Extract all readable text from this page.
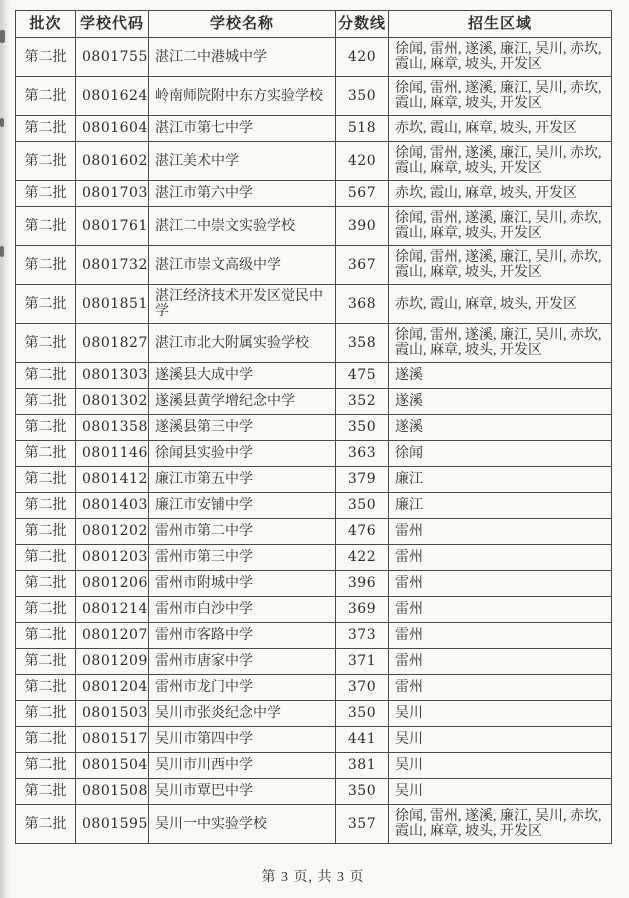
批次	学校代码	学校名称	分数线	招生区域
第二批	0801755	湛江二中港城中学	420	徐闻, 雷州, 遂溪, 廉江, 吴川, 赤坎, 霞山, 麻章, 坡头, 开发区
第二批	0801624	岭南师院附中东方实验学校	350	徐闻, 雷州, 遂溪, 廉江, 吴川, 赤坎, 霞山, 麻章, 坡头, 开发区
第二批	0801604	湛江市第七中学	518	赤坎, 霞山, 麻章, 坡头, 开发区
第二批	0801602	湛江美术中学	420	徐闻, 雷州, 遂溪, 廉江, 吴川, 赤坎, 霞山, 麻章, 坡头, 开发区
第二批	0801703	湛江市第六中学	567	赤坎, 霞山, 麻章, 坡头, 开发区
第二批	0801761	湛江二中崇文实验学校	390	徐闻, 雷州, 遂溪, 廉江, 吴川, 赤坎, 霞山, 麻章, 坡头, 开发区
第二批	0801732	湛江市崇文高级中学	367	徐闻, 雷州, 遂溪, 廉江, 吴川, 赤坎, 霞山, 麻章, 坡头, 开发区
第二批	0801851	湛江经济技术开发区觉民中学	368	赤坎, 霞山, 麻章, 坡头, 开发区
第二批	0801827	湛江市北大附属实验学校	358	徐闻, 雷州, 遂溪, 廉江, 吴川, 赤坎, 霞山, 麻章, 坡头, 开发区
第二批	0801303	遂溪县大成中学	475	遂溪
第二批	0801302	遂溪县黄学增纪念中学	352	遂溪
第二批	0801358	遂溪县第三中学	350	遂溪
第二批	0801146	徐闻县实验中学	363	徐闻
第二批	0801412	廉江市第五中学	379	廉江
第二批	0801403	廉江市安铺中学	350	廉江
第二批	0801202	雷州市第二中学	476	雷州
第二批	0801203	雷州市第三中学	422	雷州
第二批	0801206	雷州市附城中学	396	雷州
第二批	0801214	雷州市白沙中学	369	雷州
第二批	0801207	雷州市客路中学	373	雷州
第二批	0801209	雷州市唐家中学	371	雷州
第二批	0801204	雷州市龙门中学	370	雷州
第二批	0801503	吴川市张炎纪念中学	350	吴川
第二批	0801517	吴川市第四中学	441	吴川
第二批	0801504	吴川市川西中学	381	吴川
第二批	0801508	吴川市覃巴中学	350	吴川
第二批	0801595	吴川一中实验学校	357	徐闻, 雷州, 遂溪, 廉江, 吴川, 赤坎, 霞山, 麻章, 坡头, 开发区
第 3 页, 共 3 页
